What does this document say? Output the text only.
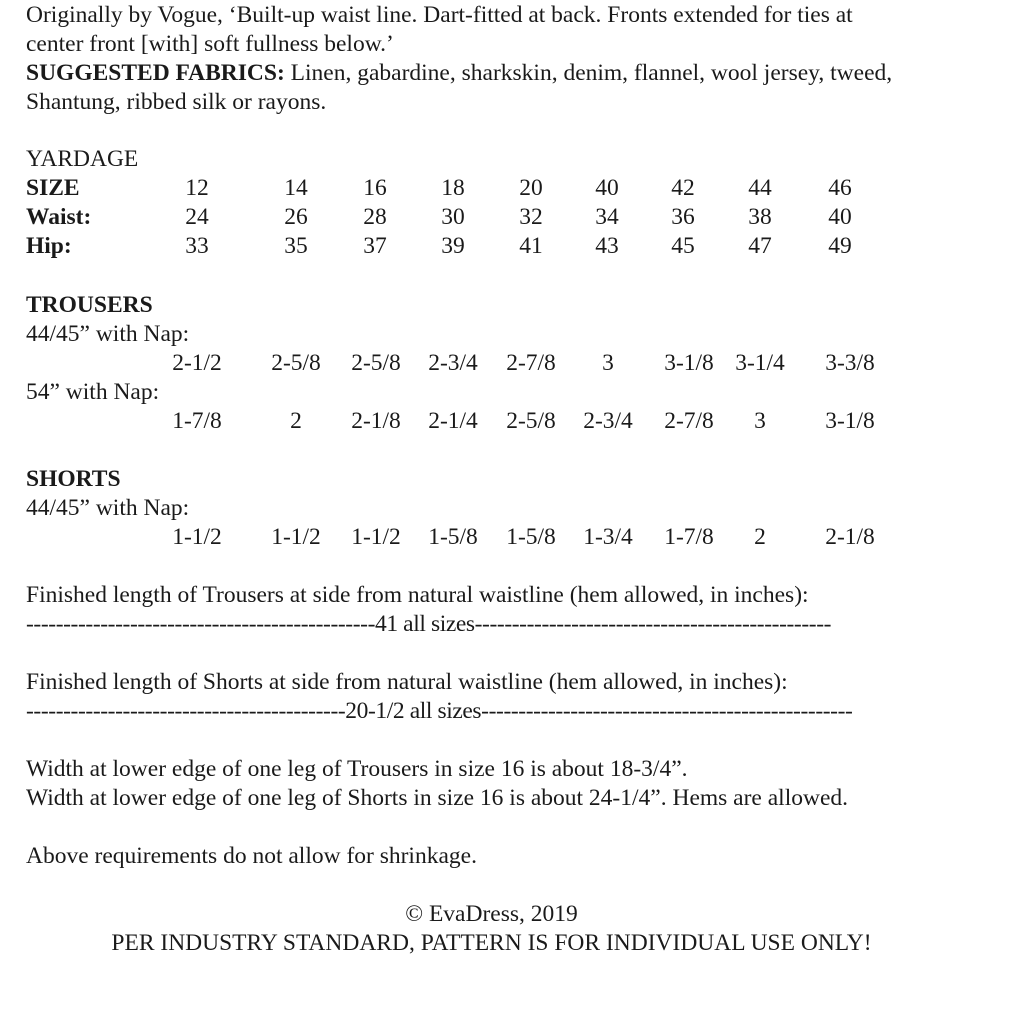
Originally by Vogue, ‘Built-up waist line. Dart-fitted at back. Fronts extended for ties at
center front [with] soft fullness below.’
SUGGESTED FABRICS: Linen, gabardine, sharkskin, denim, flannel, wool jersey, tweed,
Shantung, ribbed silk or rayons.
YARDAGE
SIZE	12	14 16 18 20 40 42 44 46
Waist:	24	26 28 30 32 34 36 38 40
Hip:	33	35 37 39 41 43 45 47 49
TROUSERS
44/45” with Nap:
2-1/2 2-5/8 2-5/8 2-3/4 2-7/8 3 3-1/8 3-1/4 3-3/8
54” with Nap:
1-7/8	2 2-1/8 2-1/4 2-5/8 2-3/4 2-7/8 3	3-1/8
SHORTS
44/45” with Nap:
1-1/2 1-1/2 1-1/2 1-5/8 1-5/8 1-3/4 1-7/8 2	2-1/8
Finished length of Trousers at side from natural waistline (hem allowed, in inches):
-----------------------------------------------41 all sizes------------------------------------------------
Finished length of Shorts at side from natural waistline (hem allowed, in inches):
-------------------------------------------20-1/2 all sizes--------------------------------------------------
Width at lower edge of one leg of Trousers in size 16 is about 18-3/4”.
Width at lower edge of one leg of Shorts in size 16 is about 24-1/4”. Hems are allowed.
Above requirements do not allow for shrinkage.
© EvaDress, 2019
PER INDUSTRY STANDARD, PATTERN IS FOR INDIVIDUAL USE ONLY!
